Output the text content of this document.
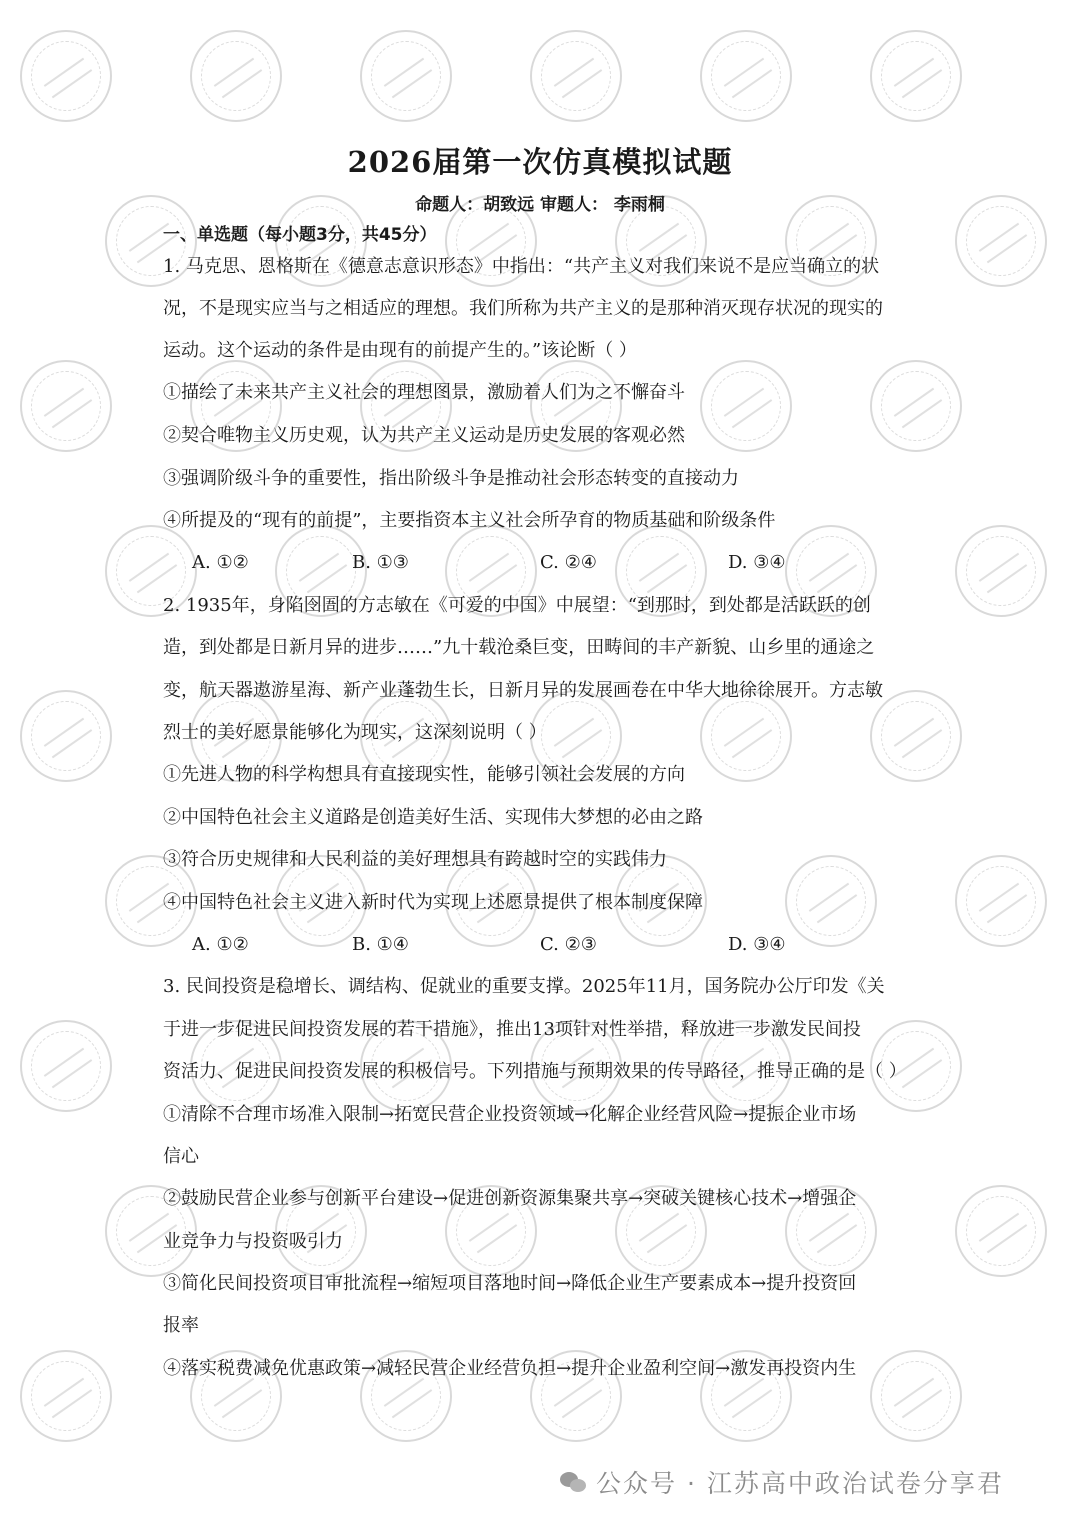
2026届第一次仿真模拟试题
命题人：胡致远 审题人： 李雨桐
一、单选题（每小题3分，共45分）
1. 马克思、恩格斯在《德意志意识形态》中指出：“共产主义对我们来说不是应当确立的状
况，不是现实应当与之相适应的理想。我们所称为共产主义的是那种消灭现存状况的现实的
运动。这个运动的条件是由现有的前提产生的。”该论断（ ）
①描绘了未来共产主义社会的理想图景，激励着人们为之不懈奋斗
②契合唯物主义历史观，认为共产主义运动是历史发展的客观必然
③强调阶级斗争的重要性，指出阶级斗争是推动社会形态转变的直接动力
④所提及的“现有的前提”，主要指资本主义社会所孕育的物质基础和阶级条件
A. ①②	B. ①③	C. ②④	D. ③④
2. 1935年，身陷囹圄的方志敏在《可爱的中国》中展望：“到那时，到处都是活跃跃的创
造，到处都是日新月异的进步……”九十载沧桑巨变，田畴间的丰产新貌、山乡里的通途之
变，航天器遨游星海、新产业蓬勃生长，日新月异的发展画卷在中华大地徐徐展开。方志敏
烈士的美好愿景能够化为现实，这深刻说明（ ）
①先进人物的科学构想具有直接现实性，能够引领社会发展的方向
②中国特色社会主义道路是创造美好生活、实现伟大梦想的必由之路
③符合历史规律和人民利益的美好理想具有跨越时空的实践伟力
④中国特色社会主义进入新时代为实现上述愿景提供了根本制度保障
A. ①②	B. ①④	C. ②③	D. ③④
3. 民间投资是稳增长、调结构、促就业的重要支撑。2025年11月，国务院办公厅印发《关
于进一步促进民间投资发展的若干措施》，推出13项针对性举措，释放进一步激发民间投
资活力、促进民间投资发展的积极信号。下列措施与预期效果的传导路径，推导正确的是（ ）
①清除不合理市场准入限制→拓宽民营企业投资领域→化解企业经营风险→提振企业市场
信心
②鼓励民营企业参与创新平台建设→促进创新资源集聚共享→突破关键核心技术→增强企
业竞争力与投资吸引力
③简化民间投资项目审批流程→缩短项目落地时间→降低企业生产要素成本→提升投资回
报率
④落实税费减免优惠政策→减轻民营企业经营负担→提升企业盈利空间→激发再投资内生
公众号 · 江苏高中政治试卷分享君
